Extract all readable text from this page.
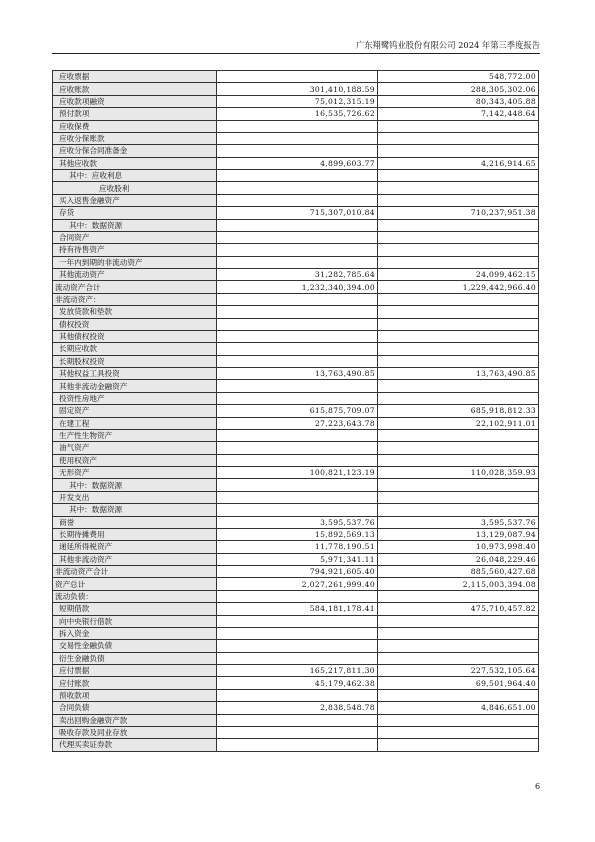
广东翔鹭钨业股份有限公司 2024 年第三季度报告
应收票据		548,772.00
应收账款	301,410,188.59	288,305,302.06
应收款项融资	75,012,315.19	80,343,405.88
预付款项	16,535,726.62	7,142,448.64
应收保费		
应收分保账款		
应收分保合同准备金		
其他应收款	4,899,603.77	4,216,914.65
其中：应收利息		
应收股利		
买入返售金融资产		
存货	715,307,010.84	710,237,951.38
其中：数据资源		
合同资产		
持有待售资产		
一年内到期的非流动资产		
其他流动资产	31,282,785.64	24,099,462.15
流动资产合计	1,232,340,394.00	1,229,442,966.40
非流动资产：		
发放贷款和垫款		
债权投资		
其他债权投资		
长期应收款		
长期股权投资		
其他权益工具投资	13,763,490.85	13,763,490.85
其他非流动金融资产		
投资性房地产		
固定资产	615,875,709.07	685,918,812.33
在建工程	27,223,643.78	22,102,911.01
生产性生物资产		
油气资产		
使用权资产		
无形资产	100,821,123.19	110,028,359.93
其中：数据资源		
开发支出		
其中：数据资源		
商誉	3,595,537.76	3,595,537.76
长期待摊费用	15,892,569.13	13,129,087.94
递延所得税资产	11,778,190.51	10,973,998.40
其他非流动资产	5,971,341.11	26,048,229.46
非流动资产合计	794,921,605.40	885,560,427.68
资产总计	2,027,261,999.40	2,115,003,394.08
流动负债：		
短期借款	584,181,178.41	475,710,457.82
向中央银行借款		
拆入资金		
交易性金融负债		
衍生金融负债		
应付票据	165,217,811.30	227,532,105.64
应付账款	45,179,462.38	69,501,964.40
预收款项		
合同负债	2,838,548.78	4,846,651.00
卖出回购金融资产款		
吸收存款及同业存放		
代理买卖证券款		
6
